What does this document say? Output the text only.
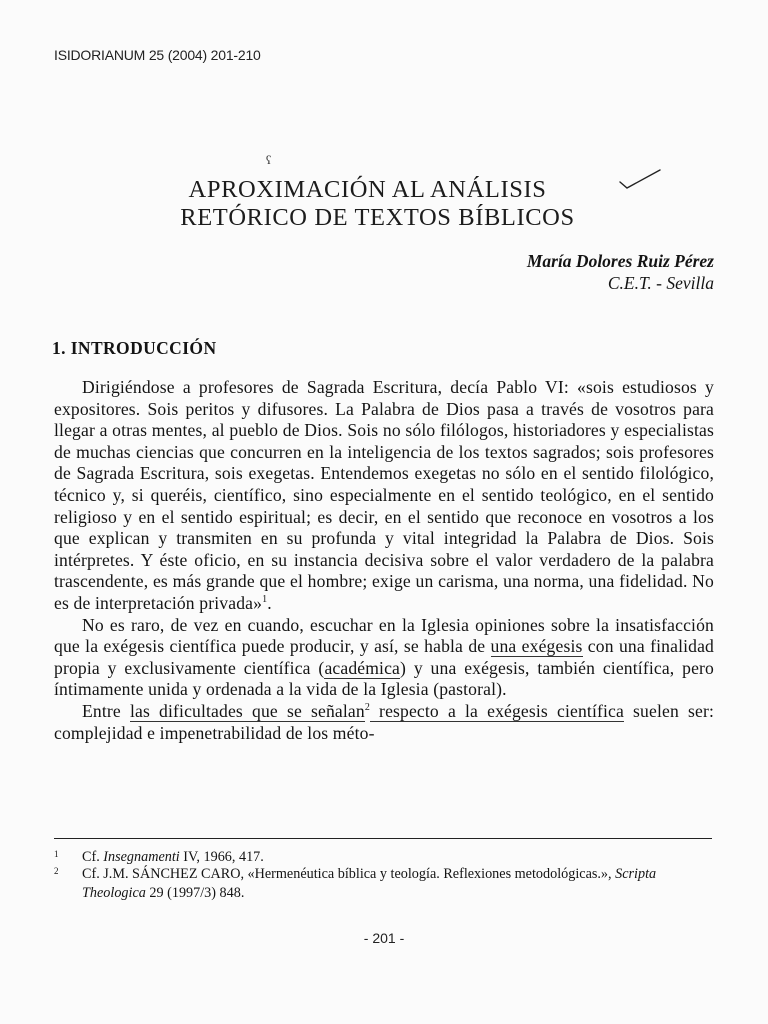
ISIDORIANUM 25 (2004) 201-210
ʕ
APROXIMACIÓN AL ANÁLISIS
RETÓRICO DE TEXTOS BÍBLICOS
María Dolores Ruiz Pérez
C.E.T. - Sevilla
1. INTRODUCCIÓN

Dirigiéndose a profesores de Sagrada Escritura, decía Pablo VI: «sois estudiosos y expositores. Sois peritos y difusores. La Palabra de Dios pasa a través de vosotros para llegar a otras mentes, al pueblo de Dios. Sois no sólo filólogos, historiadores y especialistas de muchas ciencias que concurren en la inteligencia de los textos sagrados; sois profesores de Sagrada Escritura, sois exegetas. Entendemos exegetas no sólo en el sentido filológico, técnico y, si queréis, científico, sino especialmente en el sentido teológico, en el sentido religioso y en el sentido espiritual; es decir, en el sentido que reconoce en vosotros a los que explican y transmiten en su profunda y vital integridad la Palabra de Dios. Sois intérpretes. Y éste oficio, en su instancia decisiva sobre el valor verdadero de la palabra trascendente, es más grande que el hombre; exige un carisma, una norma, una fidelidad. No es de interpretación privada»$^1$.

No es raro, de vez en cuando, escuchar en la Iglesia opiniones sobre la insatisfacción que la exégesis científica puede producir, y así, se habla de una exégesis con una finalidad propia y exclusivamente científica (académica) y una exégesis, también científica, pero íntimamente unida y ordenada a la vida de la Iglesia (pastoral).

Entre las dificultades que se señalan$^2$ respecto a la exégesis científica suelen ser: complejidad e impenetrabilidad de los méto-

1 Cf. Insegnamenti IV, 1966, 417.
2 Cf. J.M. SÁNCHEZ CARO, «Hermenéutica bíblica y teología. Reflexiones metodológicas.», Scripta Theologica 29 (1997/3) 848.
- 201 -
